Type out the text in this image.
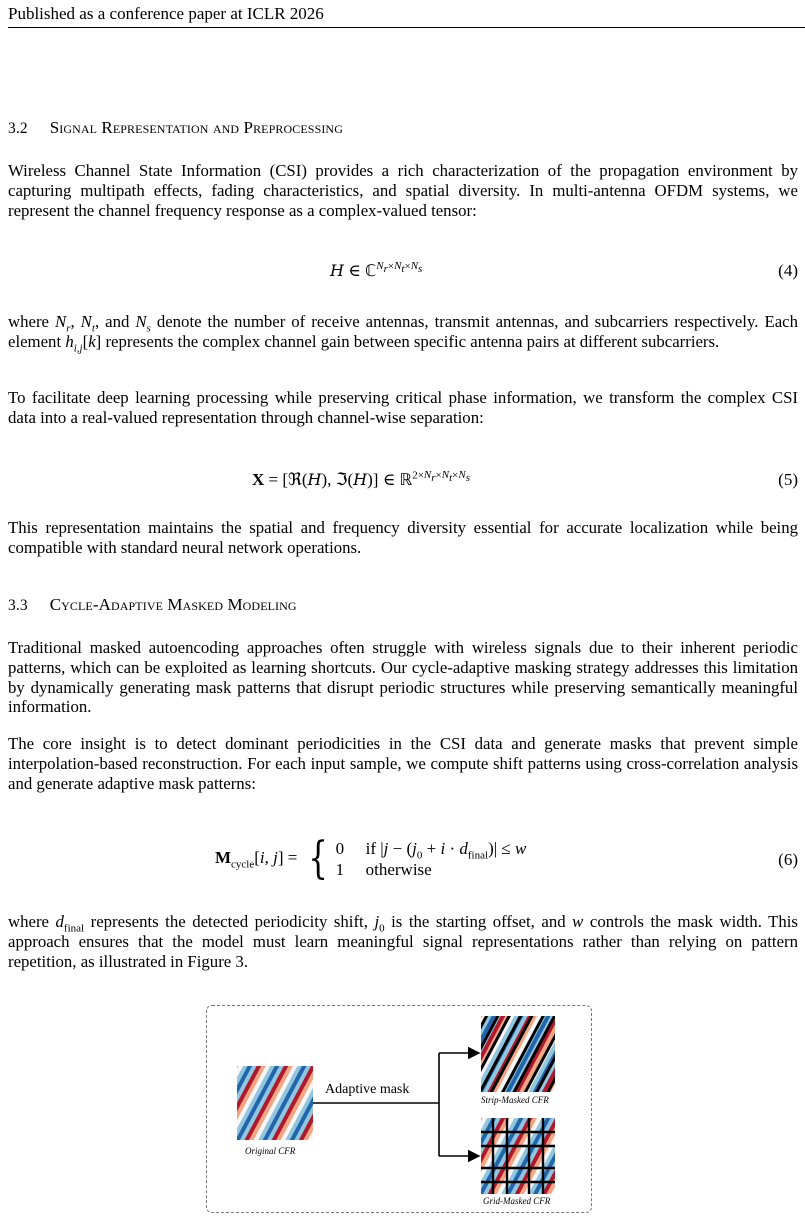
Published as a conference paper at ICLR 2026
3.2 Signal Representation and Preprocessing
Wireless Channel State Information (CSI) provides a rich characterization of the propagation environment by capturing multipath effects, fading characteristics, and spatial diversity. In multi-antenna OFDM systems, we represent the channel frequency response as a complex-valued tensor:
H ∈ ℂ$^{N_r\times N_t\times N_s}$	(4)
where $N_r$, $N_t$, and $N_s$ denote the number of receive antennas, transmit antennas, and subcarriers respectively. Each element $h_{i,j}[k]$ represents the complex channel gain between specific antenna pairs at different subcarriers.
To facilitate deep learning processing while preserving critical phase information, we transform the complex CSI data into a real-valued representation through channel-wise separation:
X = [ℜ(H), ℑ(H)] ∈ ℝ$^{2\times N_r\times N_t\times N_s}$	(5)
This representation maintains the spatial and frequency diversity essential for accurate localization while being compatible with standard neural network operations.
3.3 Cycle-Adaptive Masked Modeling
Traditional masked autoencoding approaches often struggle with wireless signals due to their inherent periodic patterns, which can be exploited as learning shortcuts. Our cycle-adaptive masking strategy addresses this limitation by dynamically generating mask patterns that disrupt periodic structures while preserving semantically meaningful information.
The core insight is to detect dominant periodicities in the CSI data and generate masks that prevent simple interpolation-based reconstruction. For each input sample, we compute shift patterns using cross-correlation analysis and generate adaptive mask patterns:
$M_{cycle}[i$, j] = { 0 if $|j - (j_0 + i \cdot d_{final})| \le w$
1 otherwise
(6)
where $d_{final}$ represents the detected periodicity shift, $j_0$ is the starting offset, and w controls the mask width. This approach ensures that the model must learn meaningful signal representations rather than relying on pattern repetition, as illustrated in Figure 3.
Adaptive mask
Original CFR
Strip-Masked CFR
Grid-Masked CFR
